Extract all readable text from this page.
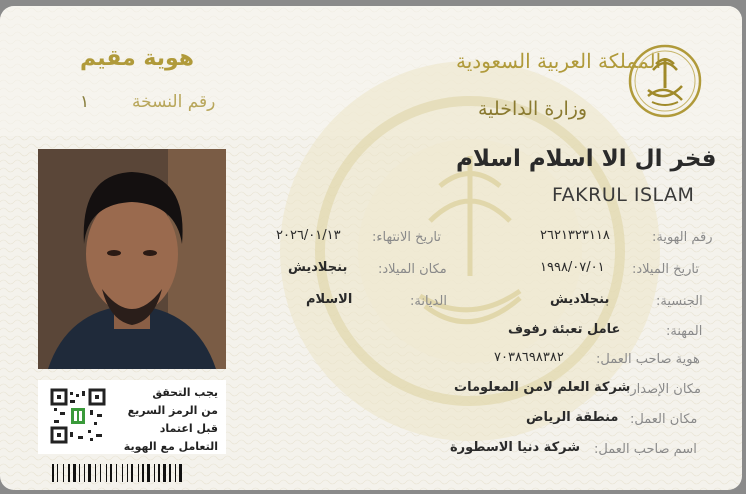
هوية مقيم
رقم النسخة
١
المملكة العربية السعودية
وزارة الداخلية
فخر ال الا اسلام اسلام
FAKRUL ISLAM
رقم الهوية:
٢٦٢١٣٢٣١١٨
تاريخ الانتهاء:
٢٠٢٦/٠١/١٣
تاريخ الميلاد:
١٩٩٨/٠٧/٠١
مكان الميلاد:
بنجلاديش
الجنسية:
بنجلاديش
الديانة:
الاسلام
المهنة:
عامل تعبئة رفوف
هوية صاحب العمل:
٧٠٣٨٦٩٨٣٨٢
مكان الإصدار:
شركة العلم لامن المعلومات
مكان العمل:
منطقة الرياض
اسم صاحب العمل:
شركة دنيا الاسطورة
يجب التحقق
من الرمز السريع
قبل اعتماد
التعامل مع الهوية
